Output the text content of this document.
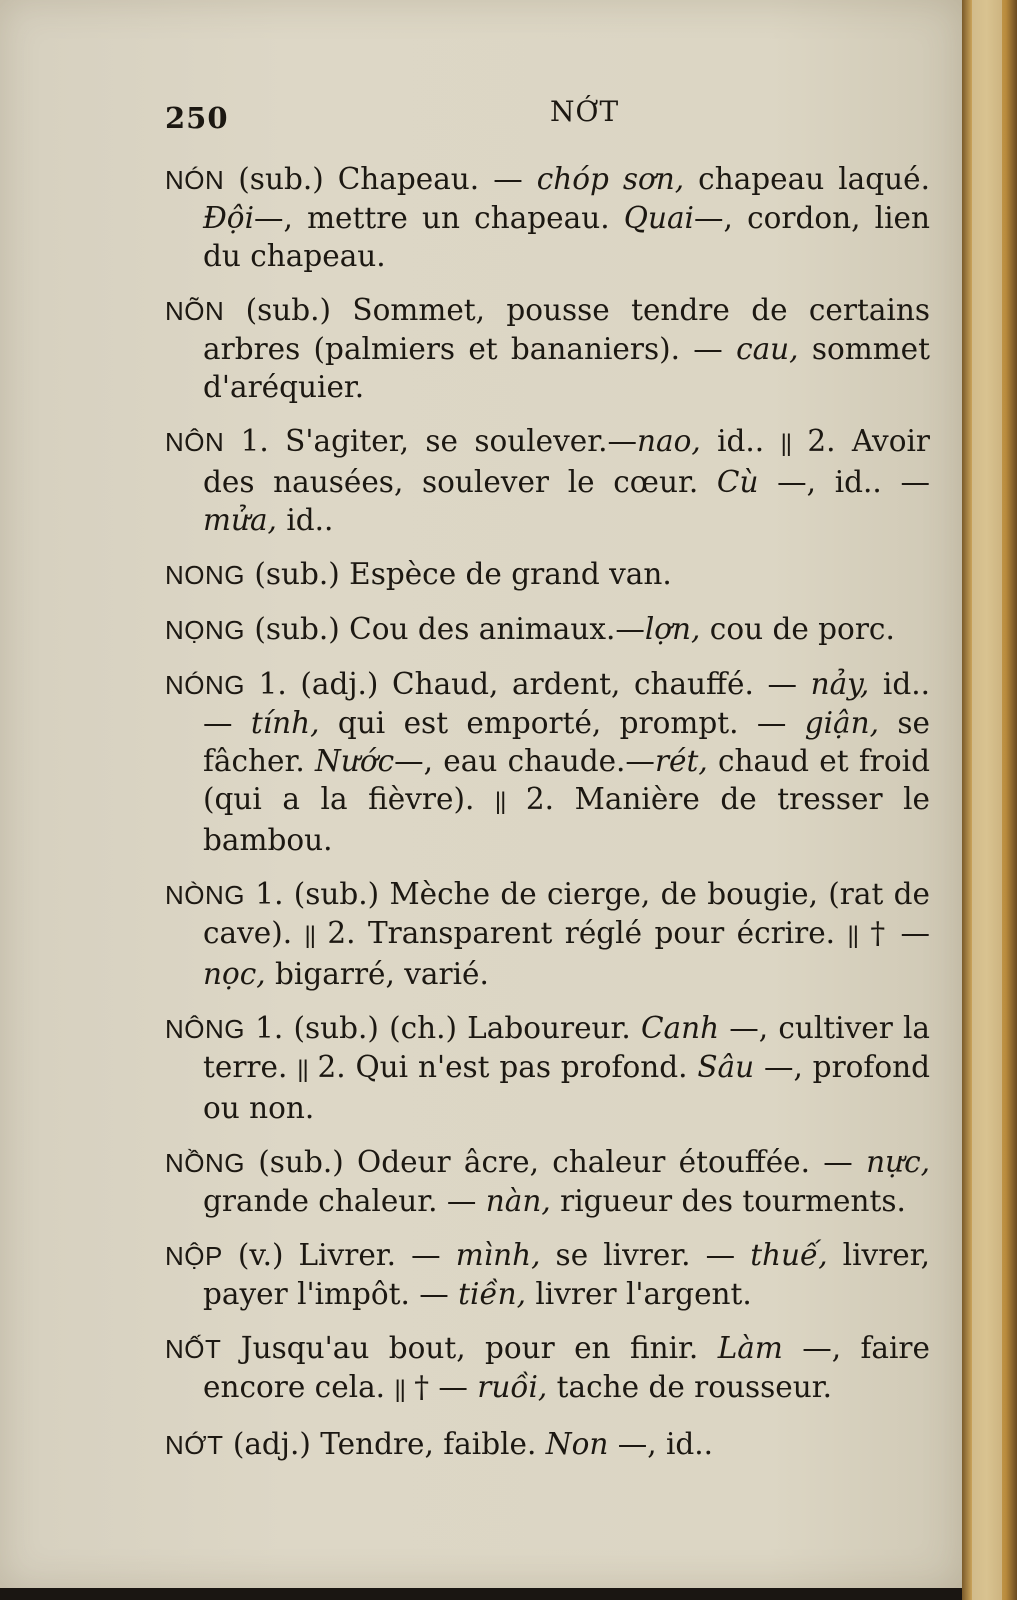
250	NỚT

NÓN (sub.) Chapeau. — chóp sơn, chapeau laqué. Đội—, mettre un chapeau. Quai—, cordon, lien du chapeau.

NÕN (sub.) Sommet, pousse tendre de certains arbres (palmiers et bananiers). — cau, sommet d'aréquier.

NÔN 1. S'agiter, se soulever.—nao, id.. || 2. Avoir des nausées, soulever le cœur. Cù —, id.. — mửa, id..

NONG (sub.) Espèce de grand van.

NỌNG (sub.) Cou des animaux.—lợn, cou de porc.

NÓNG 1. (adj.) Chaud, ardent, chauffé. — nảy, id.. — tính, qui est emporté, prompt. — giận, se fâcher. Nước—, eau chaude.—rét, chaud et froid (qui a la fièvre). || 2. Manière de tresser le bambou.

NÒNG 1. (sub.) Mèche de cierge, de bougie, (rat de cave). || 2. Transparent réglé pour écrire. || † — nọc, bigarré, varié.

NÔNG 1. (sub.) (ch.) Laboureur. Canh —, cultiver la terre. || 2. Qui n'est pas profond. Sâu —, profond ou non.

NỒNG (sub.) Odeur âcre, chaleur étouffée. — nực, grande chaleur. — nàn, rigueur des tourments.

NỘP (v.) Livrer. — mình, se livrer. — thuế, livrer, payer l'impôt. — tiền, livrer l'argent.

NỐT Jusqu'au bout, pour en finir. Làm —, faire encore cela. || † — ruồi, tache de rousseur.

NỚT (adj.) Tendre, faible. Non —, id..
